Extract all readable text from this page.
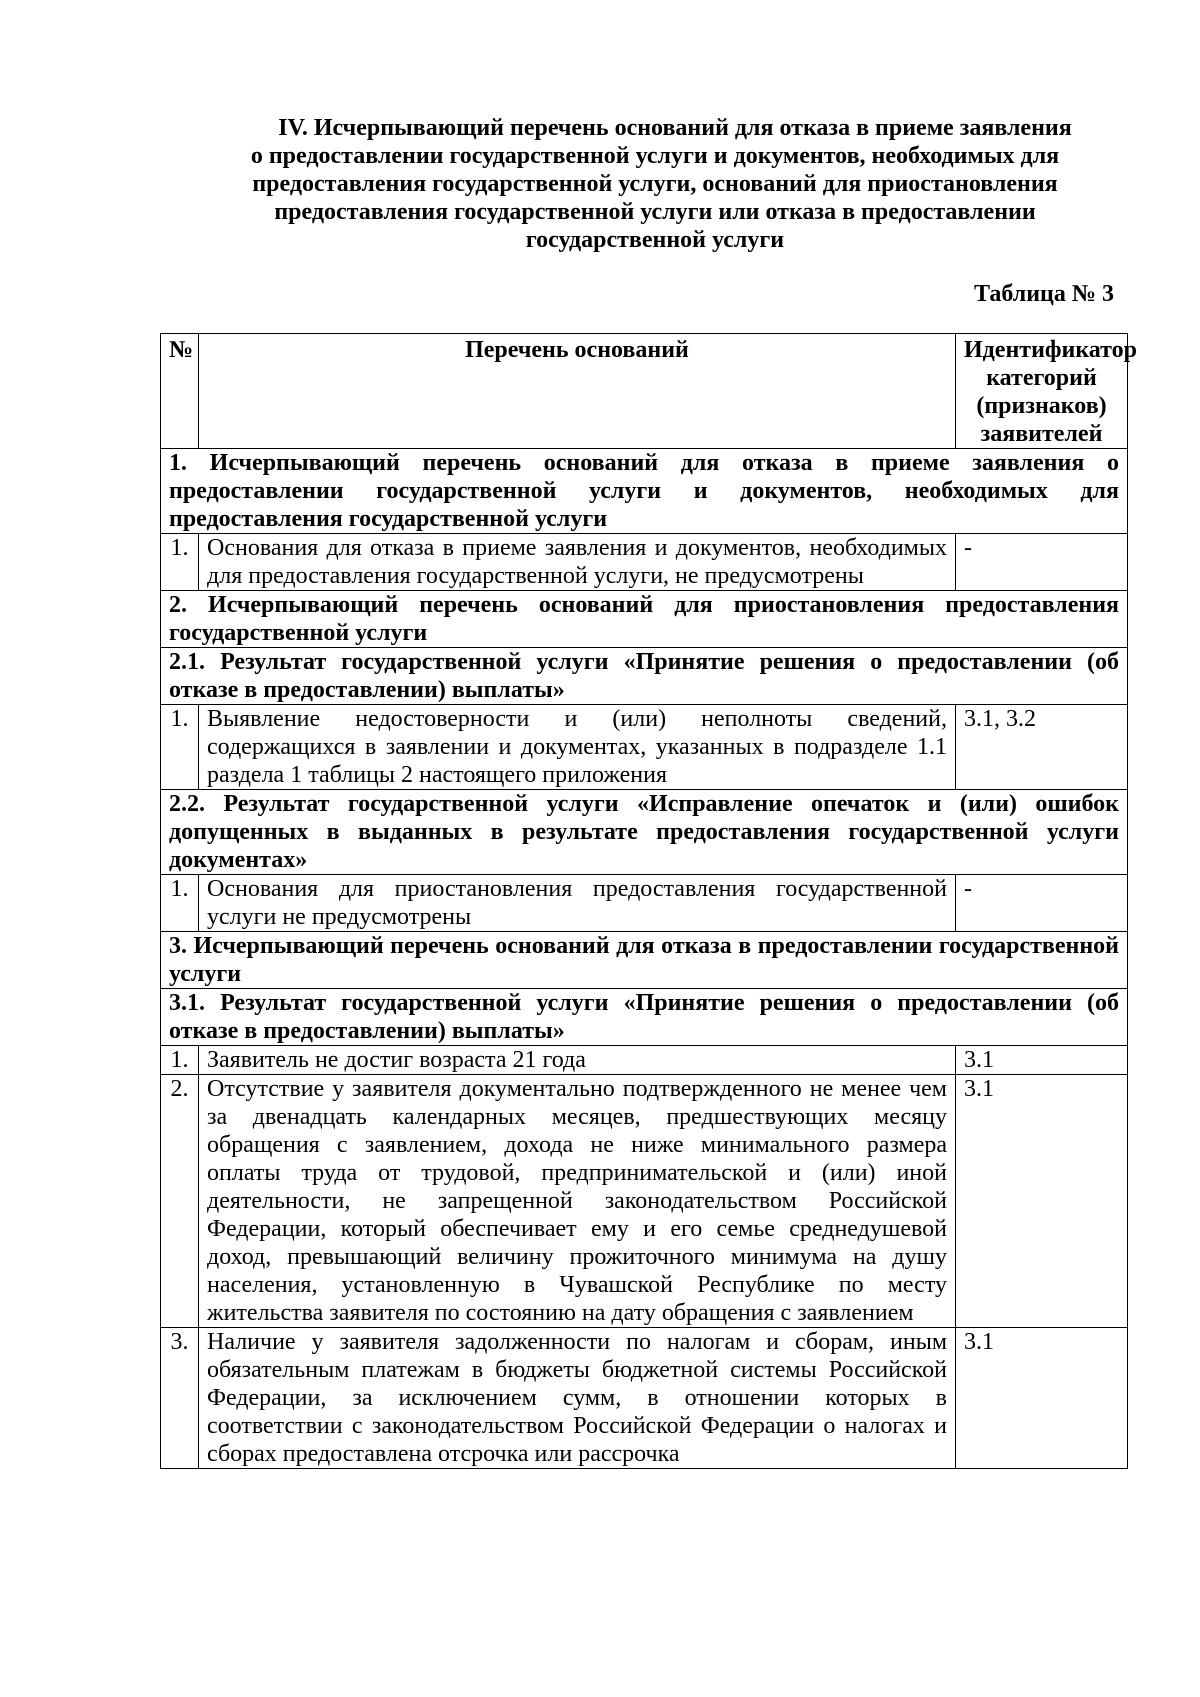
IV. Исчерпывающий перечень оснований для отказа в приеме заявления
о предоставлении государственной услуги и документов, необходимых для
предоставления государственной услуги, оснований для приостановления
предоставления государственной услуги или отказа в предоставлении
государственной услуги
Таблица № 3
№	Перечень оснований	Идентификатор категорий (признаков) заявителей
1. Исчерпывающий перечень оснований для отказа в приеме заявления о предоставлении государственной услуги и документов, необходимых для предоставления государственной услуги		
1.	Основания для отказа в приеме заявления и документов, необходимых для предоставления государственной услуги, не предусмотрены	-
2. Исчерпывающий перечень оснований для приостановления предоставления государственной услуги		
2.1. Результат государственной услуги «Принятие решения о предоставлении (об отказе в предоставлении) выплаты»		
1.	Выявление недостоверности и (или) неполноты сведений, содержащихся в заявлении и документах, указанных в подразделе 1.1 раздела 1 таблицы 2 настоящего приложения	3.1, 3.2
2.2. Результат государственной услуги «Исправление опечаток и (или) ошибок допущенных в выданных в результате предоставления государственной услуги документах»		
1.	Основания для приостановления предоставления государственной услуги не предусмотрены	-
3. Исчерпывающий перечень оснований для отказа в предоставлении государственной услуги		
3.1. Результат государственной услуги «Принятие решения о предоставлении (об отказе в предоставлении) выплаты»		
1.	Заявитель не достиг возраста 21 года	3.1
2.	Отсутствие у заявителя документально подтвержденного не менее чем за двенадцать календарных месяцев, предшествующих месяцу обращения с заявлением, дохода не ниже минимального размера оплаты труда от трудовой, предпринимательской и (или) иной деятельности, не запрещенной законодательством Российской Федерации, который обеспечивает ему и его семье среднедушевой доход, превышающий величину прожиточного минимума на душу населения, установленную в Чувашской Республике по месту жительства заявителя по состоянию на дату обращения с заявлением	3.1
3.	Наличие у заявителя задолженности по налогам и сборам, иным обязательным платежам в бюджеты бюджетной системы Российской Федерации, за исключением сумм, в отношении которых в соответствии с законодательством Российской Федерации о налогах и сборах предоставлена отсрочка или рассрочка	3.1
